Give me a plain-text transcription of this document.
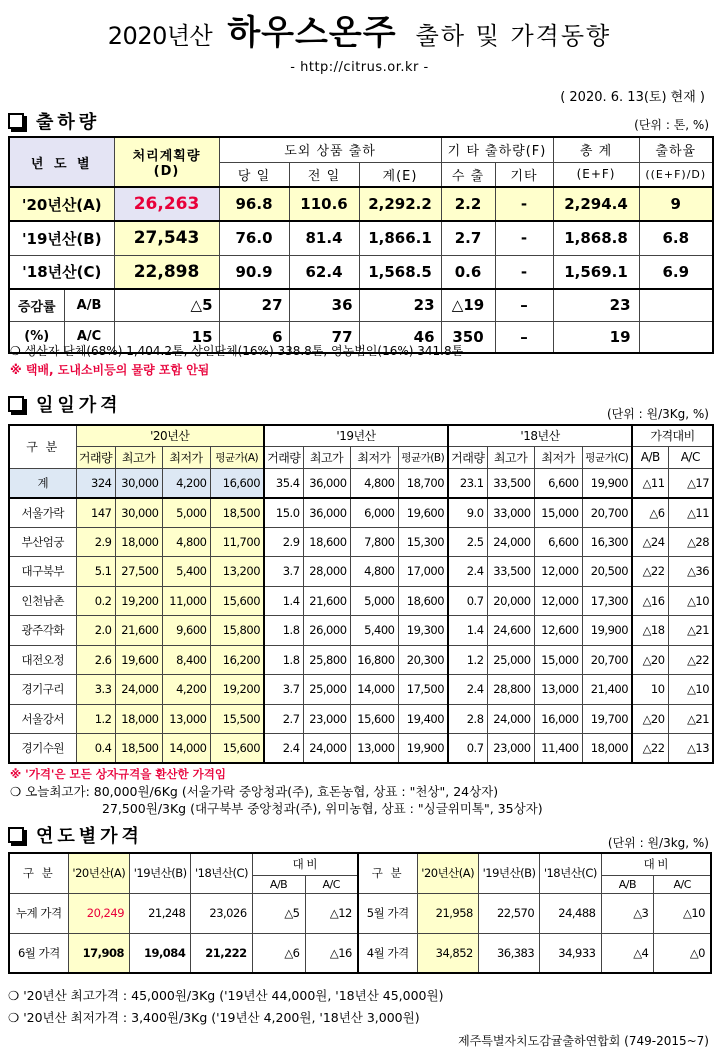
2020년산 하우스온주 출하 및 가격동향
- http://citrus.or.kr -
( 2020. 6. 13(토) 현재 )
출하량	(단위 : 톤, %)
년 도 별		처리계획량
(D)	도외 상품 출하			기 타 출하량(F)		총 계	출하율
			당 일	전 일	계(E)	수 출	기타	(E+F)	((E+F)/D)
'20년산(A)		26,263	96.8	110.6	2,292.2	2.2	-	2,294.4	9
'19년산(B)		27,543	76.0	81.4	1,866.1	2.7	-	1,868.8	6.8
'18년산(C)		22,898	90.9	62.4	1,568.5	0.6	-	1,569.1	6.9
증감률	A/B	△5	27	36	23	△19	–	23	
(%)	A/C	15	6	77	46	350	–	19	
❍ 생산자 단체(68%) 1,404.2톤, 상인단체(16%) 338.8톤, 영농법인(16%) 341.8톤
※ 택배, 도내소비등의 물량 포함 안됨
일일가격	(단위 : 원/3Kg, %)
구 분	'20년산				'19년산				'18년산				가격대비	
	거래량	최고가	최저가	평균가(A)	거래량	최고가	최저가	평균가(B)	거래량	최고가	최저가	평균가(C)	A/B	A/C
계	324	30,000	4,200	16,600	35.4	36,000	4,800	18,700	23.1	33,500	6,600	19,900	△11	△17
서울가락	147	30,000	5,000	18,500	15.0	36,000	6,000	19,600	9.0	33,000	15,000	20,700	△6	△11
부산엄궁	2.9	18,000	4,800	11,700	2.9	18,600	7,800	15,300	2.5	24,000	6,600	16,300	△24	△28
대구북부	5.1	27,500	5,400	13,200	3.7	28,000	4,800	17,000	2.4	33,500	12,000	20,500	△22	△36
인천남촌	0.2	19,200	11,000	15,600	1.4	21,600	5,000	18,600	0.7	20,000	12,000	17,300	△16	△10
광주각화	2.0	21,600	9,600	15,800	1.8	26,000	5,400	19,300	1.4	24,600	12,600	19,900	△18	△21
대전오정	2.6	19,600	8,400	16,200	1.8	25,800	16,800	20,300	1.2	25,000	15,000	20,700	△20	△22
경기구리	3.3	24,000	4,200	19,200	3.7	25,000	14,000	17,500	2.4	28,800	13,000	21,400	10	△10
서울강서	1.2	18,000	13,000	15,500	2.7	23,000	15,600	19,400	2.8	24,000	16,000	19,700	△20	△21
경기수원	0.4	18,500	14,000	15,600	2.4	24,000	13,000	19,900	0.7	23,000	11,400	18,000	△22	△13
※ '가격'은 모든 상자규격을 환산한 가격임
❍ 오늘최고가: 80,000원/6Kg (서울가락 중앙청과(주), 효돈농협, 상표 : "천상", 24상자)
27,500원/3Kg (대구북부 중앙청과(주), 위미농협, 상표 : "싱글위미톡", 35상자)
연도별가격	(단위 : 원/3kg, %)
구 분	'20년산(A)	'19년산(B)	'18년산(C)	대 비		구 분	'20년산(A)	'19년산(B)	'18년산(C)	대 비	
				A/B	A/C					A/B	A/C
누계 가격	20,249	21,248	23,026	△5	△12	5월 가격	21,958	22,570	24,488	△3	△10
6월 가격	17,908	19,084	21,222	△6	△16	4월 가격	34,852	36,383	34,933	△4	△0
❍ '20년산 최고가격 : 45,000원/3Kg ('19년산 44,000원, '18년산 45,000원)
❍ '20년산 최저가격 : 3,400원/3Kg ('19년산 4,200원, '18년산 3,000원)
제주특별자치도감귤출하연합회 (749-2015~7)
